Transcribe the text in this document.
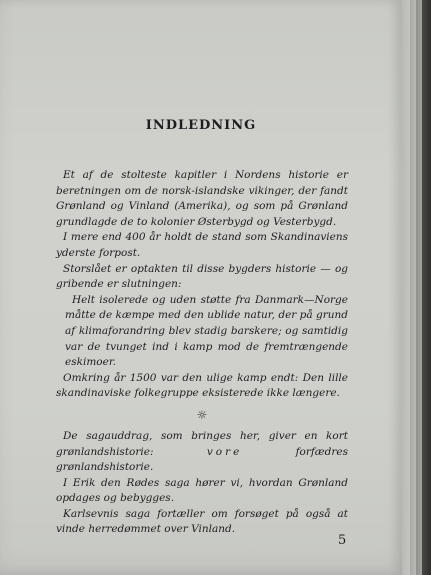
INDLEDNING

Et af de stolteste kapitler i Nordens historie er beretningen om de norsk-islandske vikinger, der fandt Grønland og Vinland (Amerika), og som på Grønland grundlagde de to kolonier Østerbygd og Vesterbygd.

I mere end 400 år holdt de stand som Skandinaviens yderste forpost.

Storslået er optakten til disse bygders historie — og gribende er slutningen:

Helt isolerede og uden støtte fra Danmark—Norge måtte de kæmpe med den ublide natur, der på grund af klimaforandring blev stadig barskere; og samtidig var de tvunget ind i kamp mod de fremtrængende eskimoer.

Omkring år 1500 var den ulige kamp endt: Den lille skandinaviske folkegruppe eksisterede ikke længere.

☼

De sagauddrag, som bringes her, giver en kort grønlandshistorie: vore forfædres grønlandshistorie.

I Erik den Rødes saga hører vi, hvordan Grønland opdages og bebygges.

Karlsevnis saga fortæller om forsøget på også at vinde herredømmet over Vinland.

5
